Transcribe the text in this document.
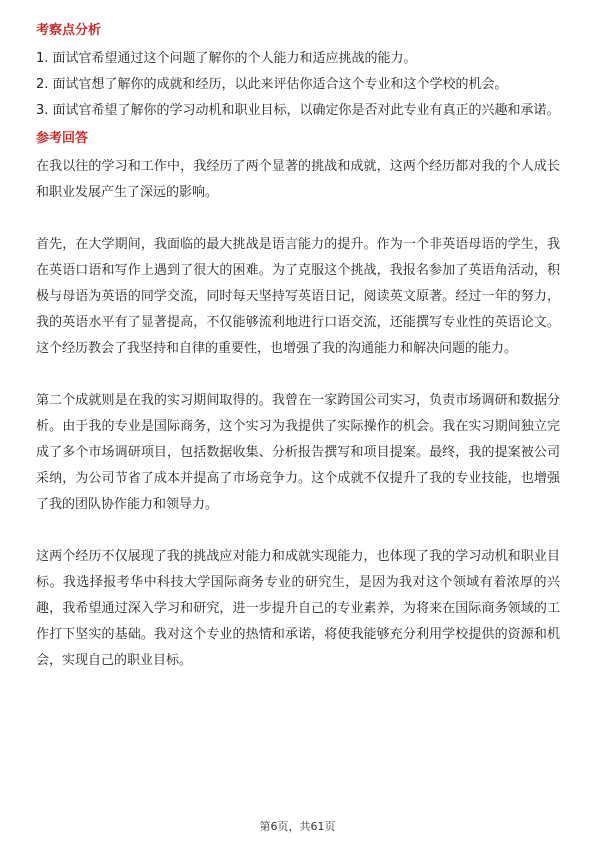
考察点分析

1. 面试官希望通过这个问题了解你的个人能力和适应挑战的能力。

2. 面试官想了解你的成就和经历，以此来评估你适合这个专业和这个学校的机会。

3. 面试官希望了解你的学习动机和职业目标，以确定你是否对此专业有真正的兴趣和承诺。

参考回答

在我以往的学习和工作中，我经历了两个显著的挑战和成就，这两个经历都对我的个人成长和职业发展产生了深远的影响。

首先，在大学期间，我面临的最大挑战是语言能力的提升。作为一个非英语母语的学生，我在英语口语和写作上遇到了很大的困难。为了克服这个挑战，我报名参加了英语角活动，积极与母语为英语的同学交流，同时每天坚持写英语日记，阅读英文原著。经过一年的努力，我的英语水平有了显著提高，不仅能够流利地进行口语交流，还能撰写专业性的英语论文。这个经历教会了我坚持和自律的重要性，也增强了我的沟通能力和解决问题的能力。

第二个成就则是在我的实习期间取得的。我曾在一家跨国公司实习，负责市场调研和数据分析。由于我的专业是国际商务，这个实习为我提供了实际操作的机会。我在实习期间独立完成了多个市场调研项目，包括数据收集、分析报告撰写和项目提案。最终，我的提案被公司采纳，为公司节省了成本并提高了市场竞争力。这个成就不仅提升了我的专业技能，也增强了我的团队协作能力和领导力。

这两个经历不仅展现了我的挑战应对能力和成就实现能力，也体现了我的学习动机和职业目标。我选择报考华中科技大学国际商务专业的研究生，是因为我对这个领域有着浓厚的兴趣，我希望通过深入学习和研究，进一步提升自己的专业素养，为将来在国际商务领域的工作打下坚实的基础。我对这个专业的热情和承诺，将使我能够充分利用学校提供的资源和机会，实现自己的职业目标。

第6页，共61页
